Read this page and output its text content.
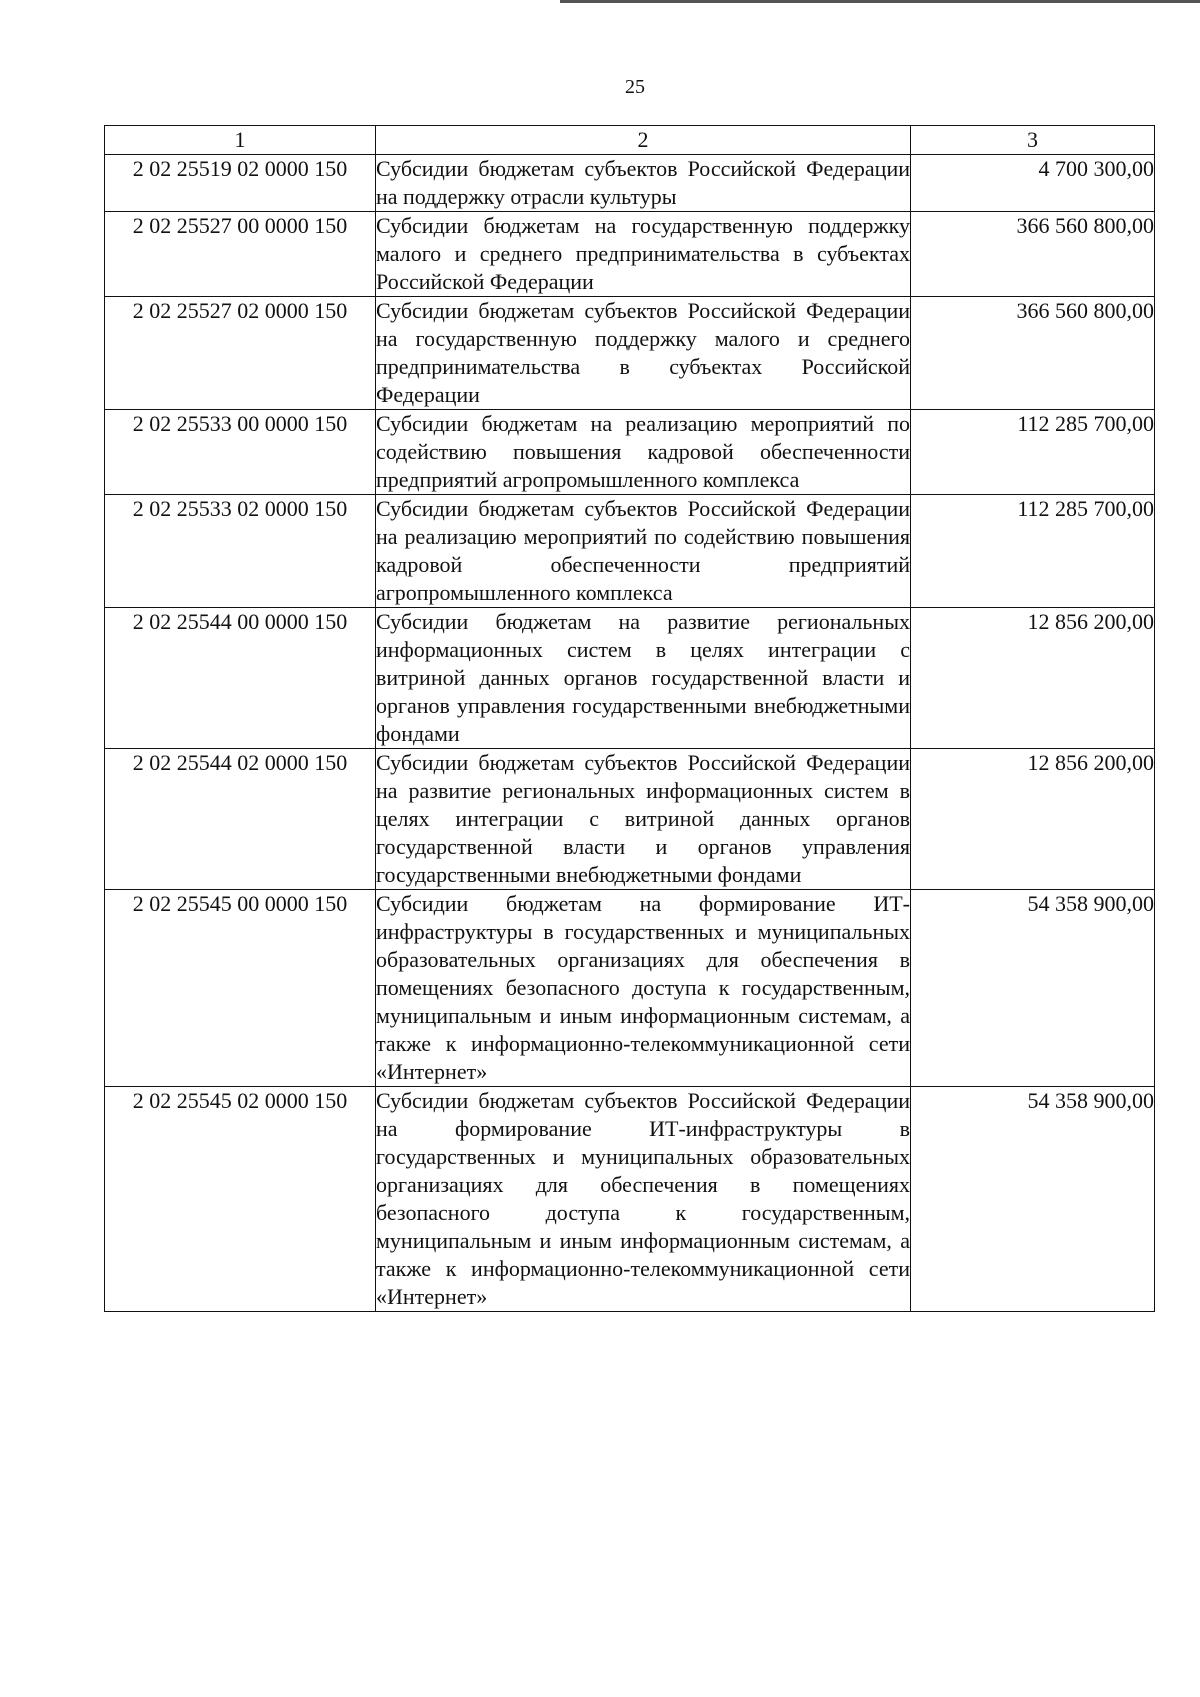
25
1	2	3
2 02 25519 02 0000 150	Субсидии бюджетам субъектов Российской Федерации на поддержку отрасли культуры	4 700 300,00
2 02 25527 00 0000 150	Субсидии бюджетам на государственную поддержку малого и среднего предпринимательства в субъектах Российской Федерации	366 560 800,00
2 02 25527 02 0000 150	Субсидии бюджетам субъектов Российской Федерации на государственную поддержку малого и среднего предпринимательства в субъектах Российской Федерации	366 560 800,00
2 02 25533 00 0000 150	Субсидии бюджетам на реализацию мероприятий по содействию повышения кадровой обеспеченности предприятий агропромышленного комплекса	112 285 700,00
2 02 25533 02 0000 150	Субсидии бюджетам субъектов Российской Федерации на реализацию мероприятий по содействию повышения кадровой обеспеченности предприятий агропромышленного комплекса	112 285 700,00
2 02 25544 00 0000 150	Субсидии бюджетам на развитие региональных информационных систем в целях интеграции с витриной данных органов государственной власти и органов управления государственными внебюджетными фондами	12 856 200,00
2 02 25544 02 0000 150	Субсидии бюджетам субъектов Российской Федерации на развитие региональных информационных систем в целях интеграции с витриной данных органов государственной власти и органов управления государственными внебюджетными фондами	12 856 200,00
2 02 25545 00 0000 150	Субсидии бюджетам на формирование ИТ-инфраструктуры в государственных и муниципальных образовательных организациях для обеспечения в помещениях безопасного доступа к государственным, муниципальным и иным информационным системам, а также к информационно-телекоммуникационной сети «Интернет»	54 358 900,00
2 02 25545 02 0000 150	Субсидии бюджетам субъектов Российской Федерации на формирование ИТ-инфраструктуры в государственных и муниципальных образовательных организациях для обеспечения в помещениях безопасного доступа к государственным, муниципальным и иным информационным системам, а также к информационно-телекоммуникационной сети «Интернет»	54 358 900,00
